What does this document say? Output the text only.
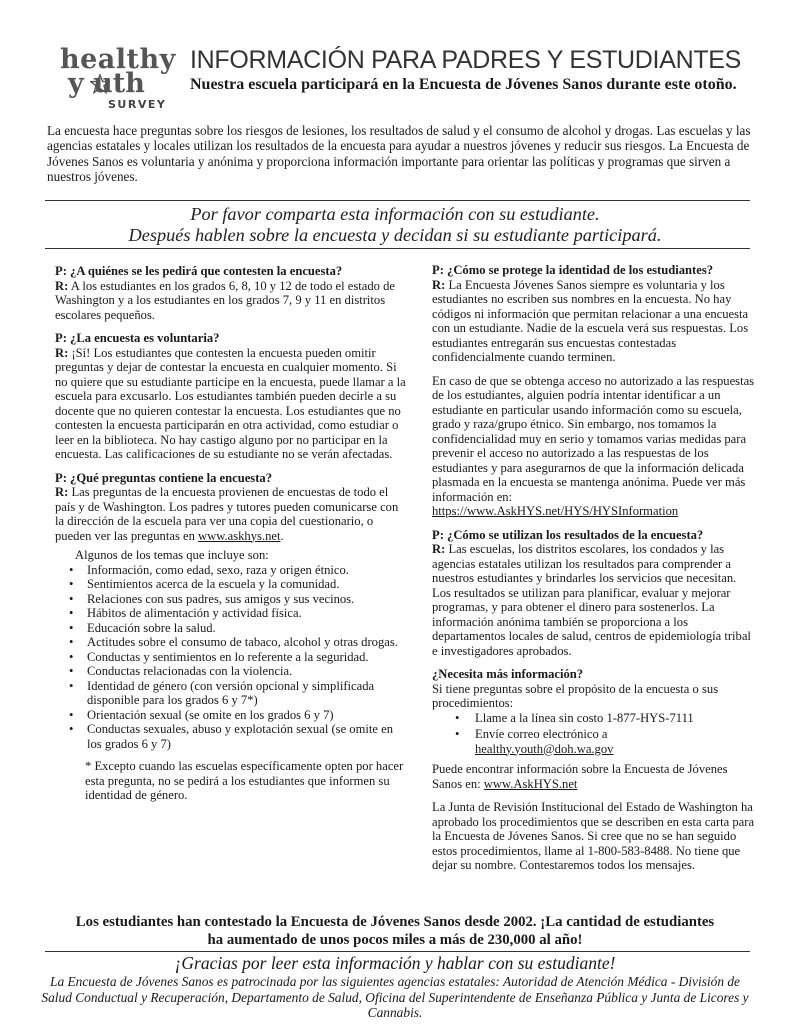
healthy
y uth
SURVEY
INFORMACIÓN PARA PADRES Y ESTUDIANTES
Nuestra escuela participará en la Encuesta de Jóvenes Sanos durante este otoño.
La encuesta hace preguntas sobre los riesgos de lesiones, los resultados de salud y el consumo de alcohol y drogas. Las escuelas y las agencias estatales y locales utilizan los resultados de la encuesta para ayudar a nuestros jóvenes y reducir sus riesgos. La Encuesta de Jóvenes Sanos es voluntaria y anónima y proporciona información importante para orientar las políticas y programas que sirven a nuestros jóvenes.
Por favor comparta esta información con su estudiante.
Después hablen sobre la encuesta y decidan si su estudiante participará.
P: ¿A quiénes se les pedirá que contesten la encuesta?
R: A los estudiantes en los grados 6, 8, 10 y 12 de todo el estado de Washington y a los estudiantes en los grados 7, 9 y 11 en distritos escolares pequeños.
P: ¿La encuesta es voluntaria?
R: ¡Sí! Los estudiantes que contesten la encuesta pueden omitir preguntas y dejar de contestar la encuesta en cualquier momento. Si no quiere que su estudiante participe en la encuesta, puede llamar a la escuela para excusarlo. Los estudiantes también pueden decirle a su docente que no quieren contestar la encuesta. Los estudiantes que no contesten la encuesta participarán en otra actividad, como estudiar o leer en la biblioteca. No hay castigo alguno por no participar en la encuesta. Las calificaciones de su estudiante no se verán afectadas.
P: ¿Qué preguntas contiene la encuesta?
R: Las preguntas de la encuesta provienen de encuestas de todo el país y de Washington. Los padres y tutores pueden comunicarse con la dirección de la escuela para ver una copia del cuestionario, o pueden ver las preguntas en www.askhys.net.
Algunos de los temas que incluye son:
• Información, como edad, sexo, raza y origen étnico.
• Sentimientos acerca de la escuela y la comunidad.
• Relaciones con sus padres, sus amigos y sus vecinos.
• Hábitos de alimentación y actividad física.
• Educación sobre la salud.
• Actitudes sobre el consumo de tabaco, alcohol y otras drogas.
• Conductas y sentimientos en lo referente a la seguridad.
• Conductas relacionadas con la violencia.
• Identidad de género (con versión opcional y simplificada disponible para los grados 6 y 7*)
• Orientación sexual (se omite en los grados 6 y 7)
• Conductas sexuales, abuso y explotación sexual (se omite en los grados 6 y 7)
* Excepto cuando las escuelas específicamente opten por hacer esta pregunta, no se pedirá a los estudiantes que informen su identidad de género.
P: ¿Cómo se protege la identidad de los estudiantes?
R: La Encuesta Jóvenes Sanos siempre es voluntaria y los estudiantes no escriben sus nombres en la encuesta. No hay códigos ni información que permitan relacionar a una encuesta con un estudiante. Nadie de la escuela verá sus respuestas. Los estudiantes entregarán sus encuestas contestadas confidencialmente cuando terminen.
En caso de que se obtenga acceso no autorizado a las respuestas de los estudiantes, alguien podría intentar identificar a un estudiante en particular usando información como su escuela, grado y raza/grupo étnico. Sin embargo, nos tomamos la confidencialidad muy en serio y tomamos varias medidas para prevenir el acceso no autorizado a las respuestas de los estudiantes y para asegurarnos de que la información delicada plasmada en la encuesta se mantenga anónima. Puede ver más información en: https://www.AskHYS.net/HYS/HYSInformation
P: ¿Cómo se utilizan los resultados de la encuesta?
R: Las escuelas, los distritos escolares, los condados y las agencias estatales utilizan los resultados para comprender a nuestros estudiantes y brindarles los servicios que necesitan. Los resultados se utilizan para planificar, evaluar y mejorar programas, y para obtener el dinero para sostenerlos. La información anónima también se proporciona a los departamentos locales de salud, centros de epidemiología tribal e investigadores aprobados.
¿Necesita más información?
Si tiene preguntas sobre el propósito de la encuesta o sus procedimientos:
• Llame a la línea sin costo 1-877-HYS-7111
• Envíe correo electrónico a
healthy.youth@doh.wa.gov
Puede encontrar información sobre la Encuesta de Jóvenes Sanos en: www.AskHYS.net
La Junta de Revisión Institucional del Estado de Washington ha aprobado los procedimientos que se describen en esta carta para la Encuesta de Jóvenes Sanos. Si cree que no se han seguido estos procedimientos, llame al 1-800-583-8488. No tiene que dejar su nombre. Contestaremos todos los mensajes.
Los estudiantes han contestado la Encuesta de Jóvenes Sanos desde 2002. ¡La cantidad de estudiantes ha aumentado de unos pocos miles a más de 230,000 al año!
¡Gracias por leer esta información y hablar con su estudiante!
La Encuesta de Jóvenes Sanos es patrocinada por las siguientes agencias estatales: Autoridad de Atención Médica - División de Salud Conductual y Recuperación, Departamento de Salud, Oficina del Superintendente de Enseñanza Pública y Junta de Licores y Cannabis.
